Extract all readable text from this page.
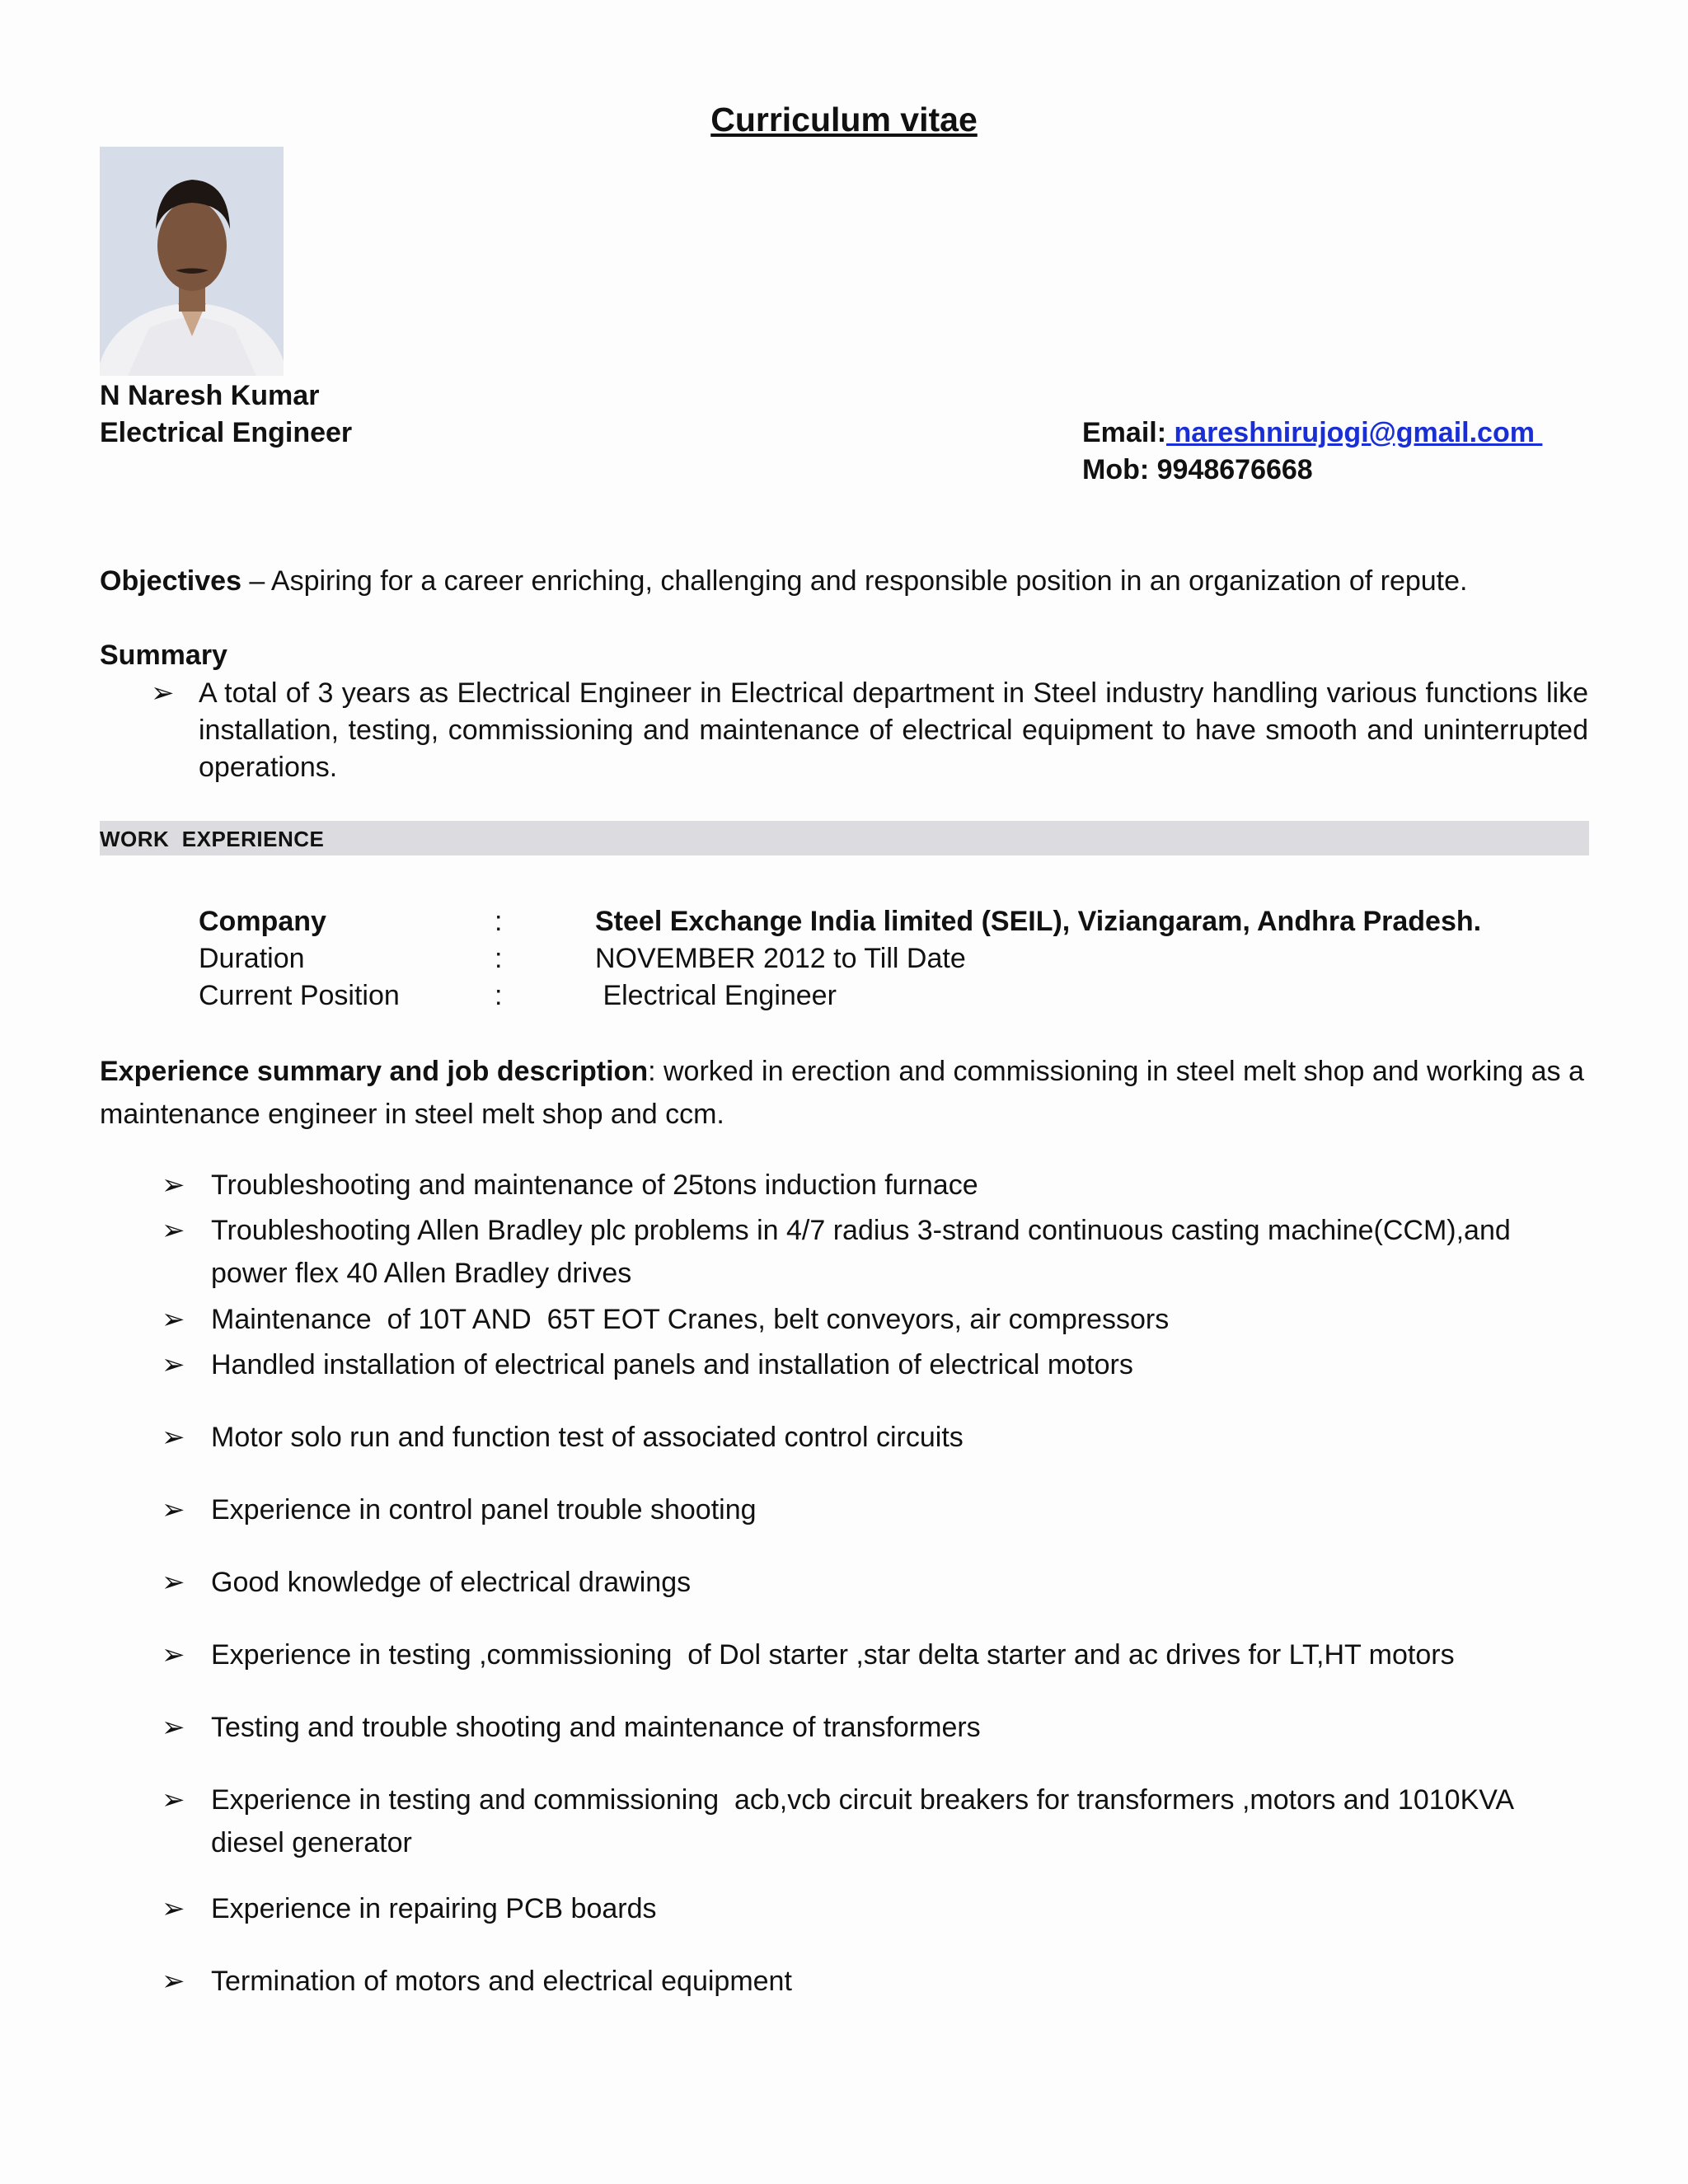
Curriculum vitae
N Naresh Kumar
Electrical Engineer	Email: nareshnirujogi@gmail.com
Mob: 9948676668
Objectives – Aspiring for a career enriching, challenging and responsible position in an organization of repute.
Summary
➢ A total of 3 years as Electrical Engineer in Electrical department in Steel industry handling various functions like installation, testing, commissioning and maintenance of electrical equipment to have smooth and uninterrupted operations.
WORK  EXPERIENCE
Company	:	Steel Exchange India limited (SEIL), Viziangaram, Andhra Pradesh.
Duration	:	NOVEMBER 2012 to Till Date
Current Position	:	Electrical Engineer
Experience summary and job description: worked in erection and commissioning in steel melt shop and working as a maintenance engineer in steel melt shop and ccm.
➢ Troubleshooting and maintenance of 25tons induction furnace
➢ Troubleshooting Allen Bradley plc problems in 4/7 radius 3-strand continuous casting machine(CCM),and power flex 40 Allen Bradley drives
➢ Maintenance  of 10T AND  65T EOT Cranes, belt conveyors, air compressors
➢ Handled installation of electrical panels and installation of electrical motors
➢ Motor solo run and function test of associated control circuits
➢ Experience in control panel trouble shooting
➢ Good knowledge of electrical drawings
➢ Experience in testing ,commissioning  of Dol starter ,star delta starter and ac drives for LT,HT motors
➢ Testing and trouble shooting and maintenance of transformers
➢ Experience in testing and commissioning  acb,vcb circuit breakers for transformers ,motors and 1010KVA diesel generator
➢ Experience in repairing PCB boards
➢ Termination of motors and electrical equipment
